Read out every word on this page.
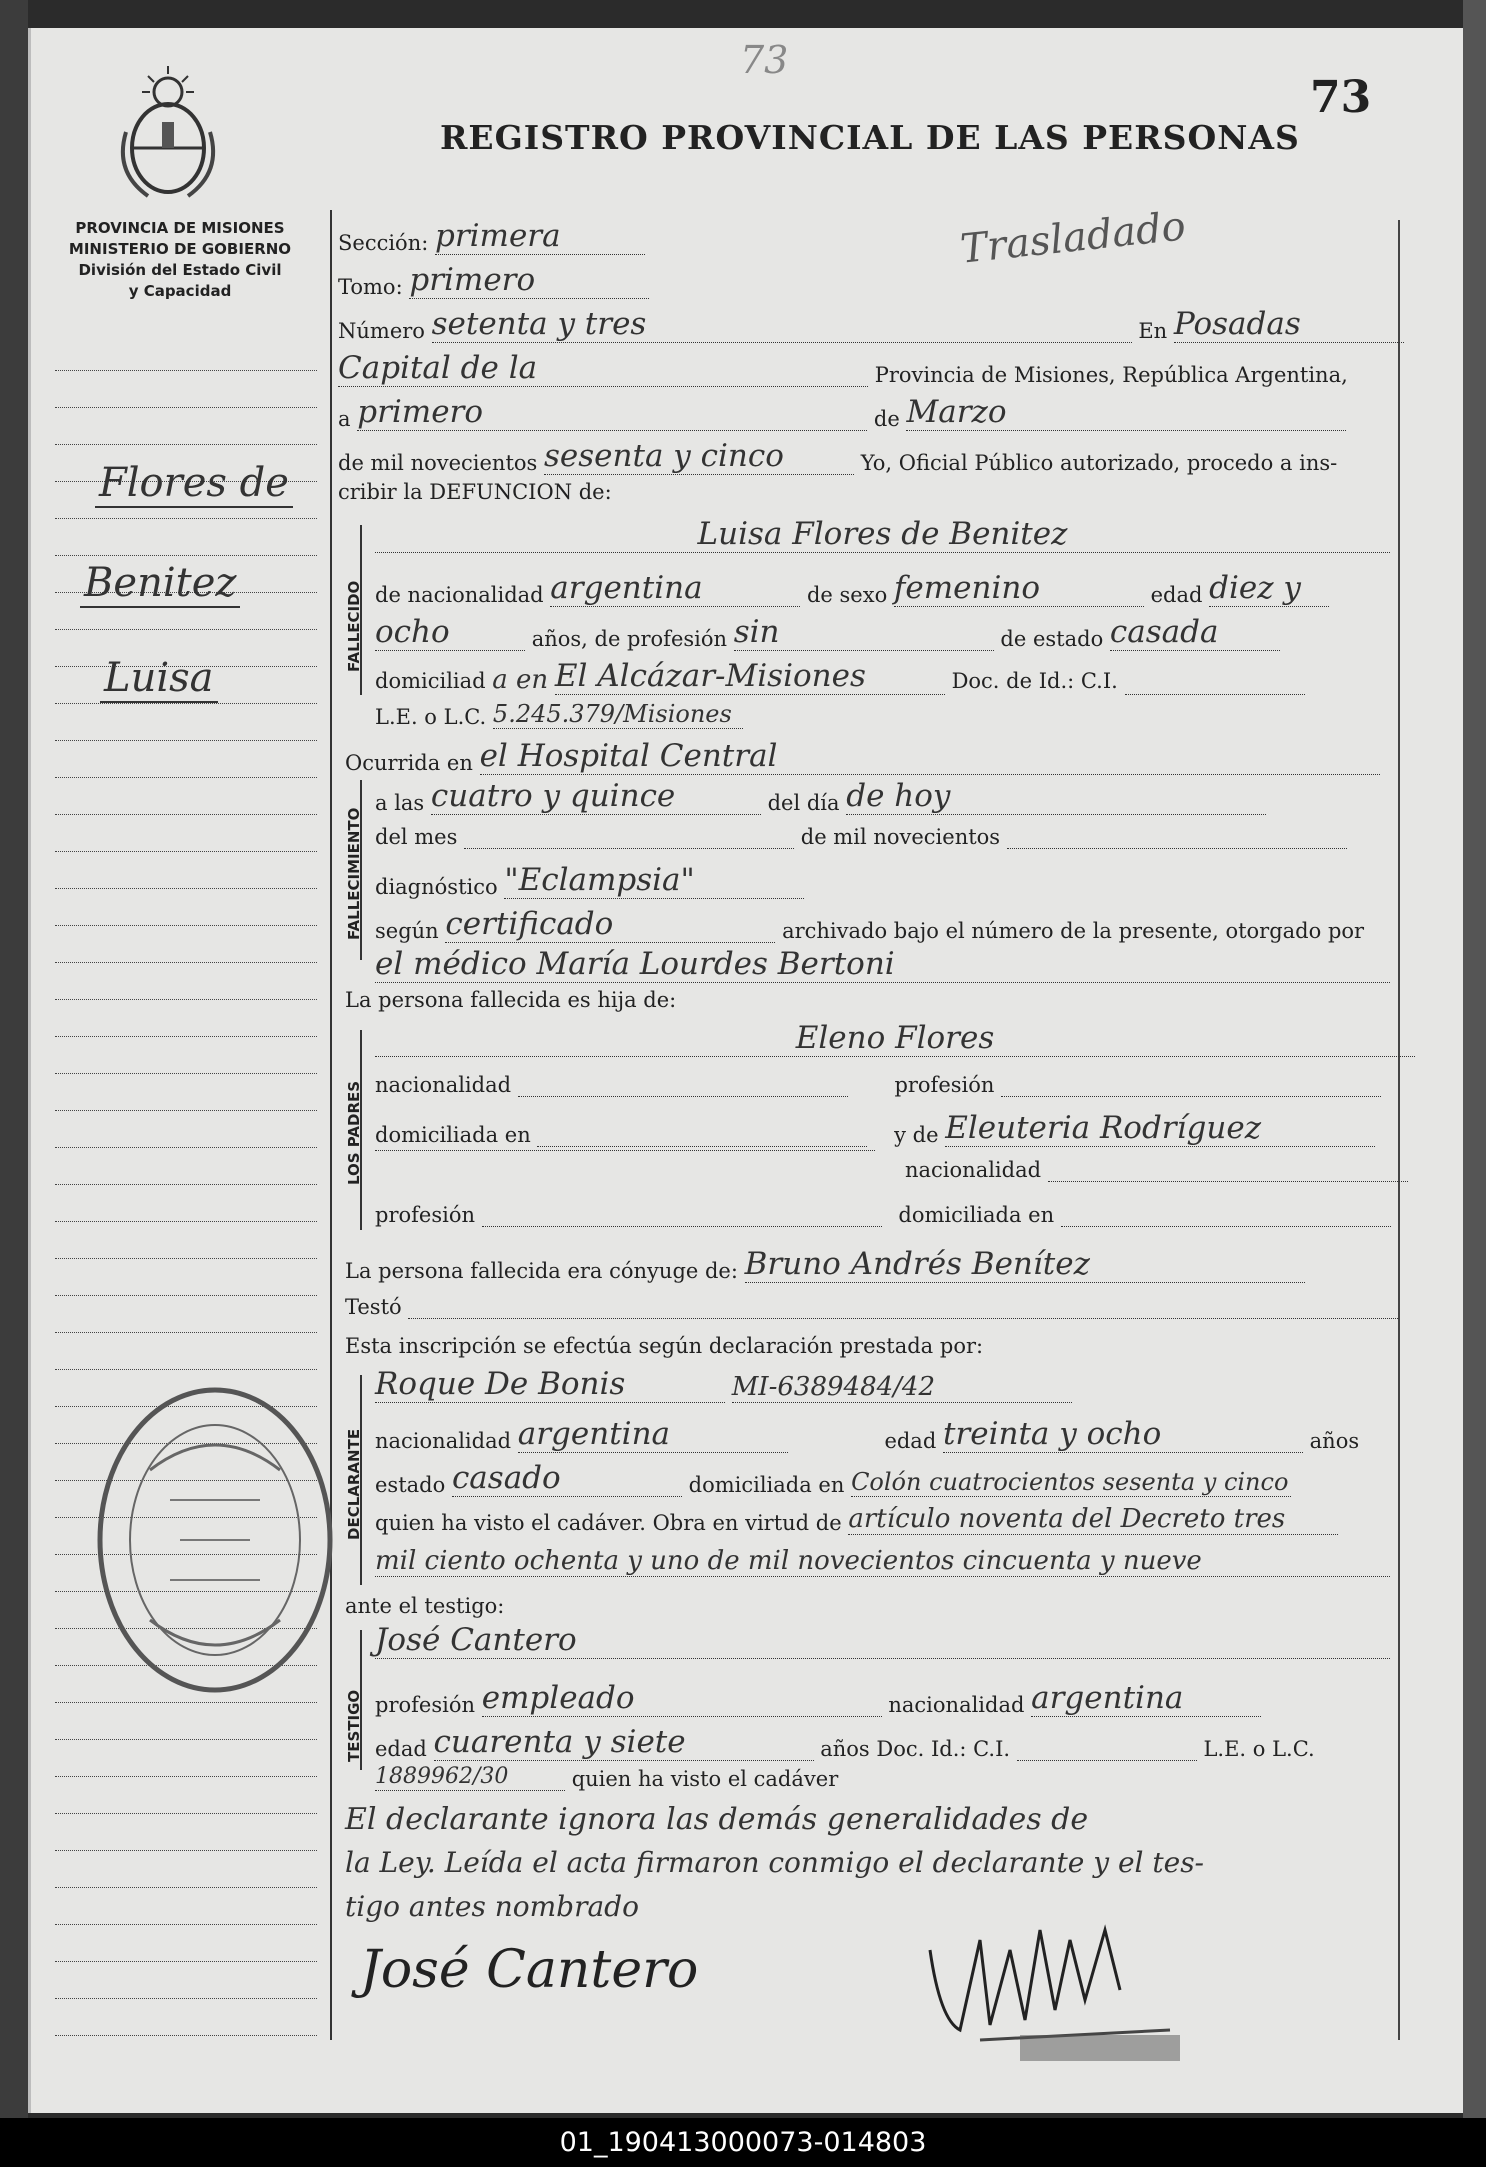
73
73
REGISTRO PROVINCIAL DE LAS PERSONAS
Trasladado
PROVINCIA DE MISIONES
MINISTERIO DE GOBIERNO
División del Estado Civil
y Capacidad
Flores de
Benitez
Luisa
Sección: primera
Tomo: primero
Número setenta y tres	En Posadas
Capital de la	Provincia de Misiones, República Argentina,
a primero	de Marzo
de mil novecientos sesenta y cinco	Yo, Oficial Público autorizado, procedo a ins-
cribir la DEFUNCION de:
FALLECIDO
Luisa Flores de Benitez
de nacionalidad argentina	de sexo femenino	edad diez y
ocho	años, de profesión sin	de estado casada
domiciliad a en El Alcázar-Misiones	Doc. de Id.: C.I.
L.E. o L.C. 5.245.379/Misiones
Ocurrida en el Hospital Central
FALLECIMIENTO
a las cuatro y quince	del día de hoy
del mes	de mil novecientos
diagnóstico "Eclampsia"
según certificado	archivado bajo el número de la presente, otorgado por
el médico María Lourdes Bertoni
La persona fallecida es hija de:
LOS PADRES
Eleno Flores
nacionalidad	profesión
domiciliada en	y de Eleuteria Rodríguez
nacionalidad
profesión	domiciliada en
La persona fallecida era cónyuge de: Bruno Andrés Benítez
Testó
Esta inscripción se efectúa según declaración prestada por:
DECLARANTE
Roque De Bonis	MI-6389484/42
nacionalidad argentina	edad treinta y ocho	años
estado casado	domiciliada en Colón cuatrocientos sesenta y cinco
quien ha visto el cadáver. Obra en virtud de artículo noventa del Decreto tres
mil ciento ochenta y uno de mil novecientos cincuenta y nueve
ante el testigo:
TESTIGO
José Cantero
profesión empleado	nacionalidad argentina
edad cuarenta y siete	años Doc. Id.: C.I.	L.E. o L.C.
1889962/30	quien ha visto el cadáver
El declarante ignora las demás generalidades de
la Ley. Leída el acta firmaron conmigo el declarante y el tes-
tigo antes nombrado
José Cantero
01_190413000073-014803
